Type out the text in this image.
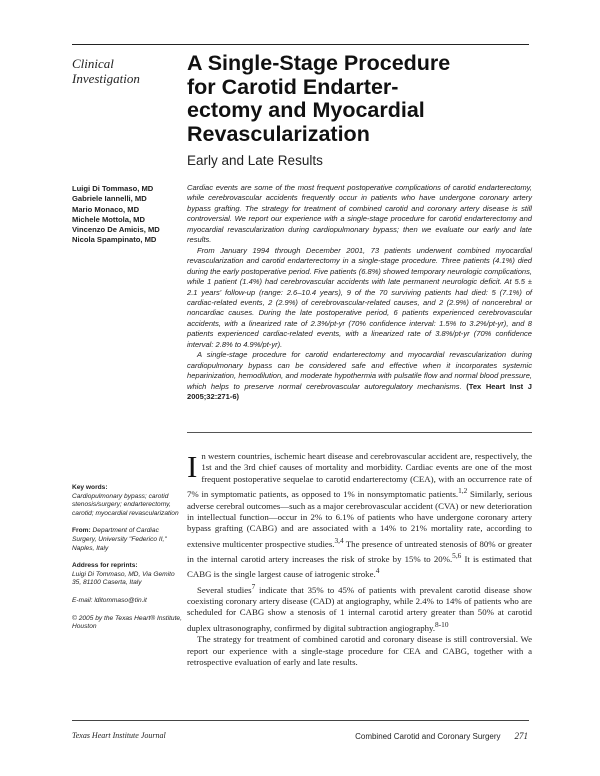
Clinical
Investigation
A Single-Stage Procedure
for Carotid Endarter-
ectomy and Myocardial
Revascularization
Early and Late Results
Luigi Di Tommaso, MD
Gabriele Iannelli, MD
Mario Monaco, MD
Michele Mottola, MD
Vincenzo De Amicis, MD
Nicola Spampinato, MD

Cardiac events are some of the most frequent postoperative complications of carotid endarterectomy, while cerebrovascular accidents frequently occur in patients who have undergone coronary artery bypass grafting. The strategy for treatment of combined carotid and coronary artery disease is still controversial. We report our experience with a single-stage procedure for carotid endarterectomy and myocardial revascularization during cardiopulmonary bypass; then we evaluate our early and late results.

From January 1994 through December 2001, 73 patients underwent combined myocardial revascularization and carotid endarterectomy in a single-stage procedure. Three patients (4.1%) died during the early postoperative period. Five patients (6.8%) showed temporary neurologic complications, while 1 patient (1.4%) had cerebrovascular accidents with late permanent neurologic deficit. At 5.5 ± 2.1 years' follow-up (range: 2.6–10.4 years), 9 of the 70 surviving patients had died: 5 (7.1%) of cardiac-related events, 2 (2.9%) of cerebrovascular-related causes, and 2 (2.9%) of noncerebral or noncardiac causes. During the late postoperative period, 6 patients experienced cerebrovascular accidents, with a linearized rate of 2.3%/pt-yr (70% confidence interval: 1.5% to 3.2%/pt-yr), and 8 patients experienced cardiac-related events, with a linearized rate of 3.8%/pt-yr (70% confidence interval: 2.8% to 4.9%/pt-yr).

A single-stage procedure for carotid endarterectomy and myocardial revascularization during cardiopulmonary bypass can be considered safe and effective when it incorporates systemic heparinization, hemodilution, and moderate hypothermia with pulsatile flow and normal blood pressure, which helps to preserve normal cerebrovascular autoregulatory mechanisms. (Tex Heart Inst J 2005;32:271-6)

Key words:
Cardiopulmonary bypass; carotid stenosis/surgery; endarterectomy, carotid; myocardial revascularization
From: Department of Cardiac Surgery, University "Federico II," Naples, Italy
Address for reprints:
Luigi Di Tommaso, MD, Via Gemito 35, 81100 Caserta, Italy
E-mail: lditommaso@tin.it
© 2005 by the Texas Heart® Institute, Houston

In western countries, ischemic heart disease and cerebrovascular accident are, respectively, the 1st and the 3rd chief causes of mortality and morbidity. Cardiac events are one of the most frequent postoperative sequelae to carotid endarterectomy (CEA), with an occurrence rate of 7% in symptomatic patients, as opposed to 1% in nonsymptomatic patients.$^{1,2}$ Similarly, serious adverse cerebral outcomes—such as a major cerebrovascular accident (CVA) or new deterioration in intellectual function—occur in 2% to 6.1% of patients who have undergone coronary artery bypass grafting (CABG) and are associated with a 14% to 21% mortality rate, according to extensive multicenter prospective studies.$^{3,4}$ The presence of untreated stenosis of 80% or greater in the internal carotid artery increases the risk of stroke by 15% to 20%.$^{5,6}$ It is estimated that CABG is the single largest cause of iatrogenic stroke.$^4$

Several studies$^7$ indicate that 35% to 45% of patients with prevalent carotid disease show coexisting coronary artery disease (CAD) at angiography, while 2.4% to 14% of patients who are scheduled for CABG show a stenosis of 1 internal carotid artery greater than 50% at carotid duplex ultrasonography, confirmed by digital subtraction angiography.$^{8-10}$

The strategy for treatment of combined carotid and coronary disease is still controversial. We report our experience with a single-stage procedure for CEA and CABG, together with a retrospective evaluation of early and late results.

Texas Heart Institute Journal	Combined Carotid and Coronary Surgery 271
